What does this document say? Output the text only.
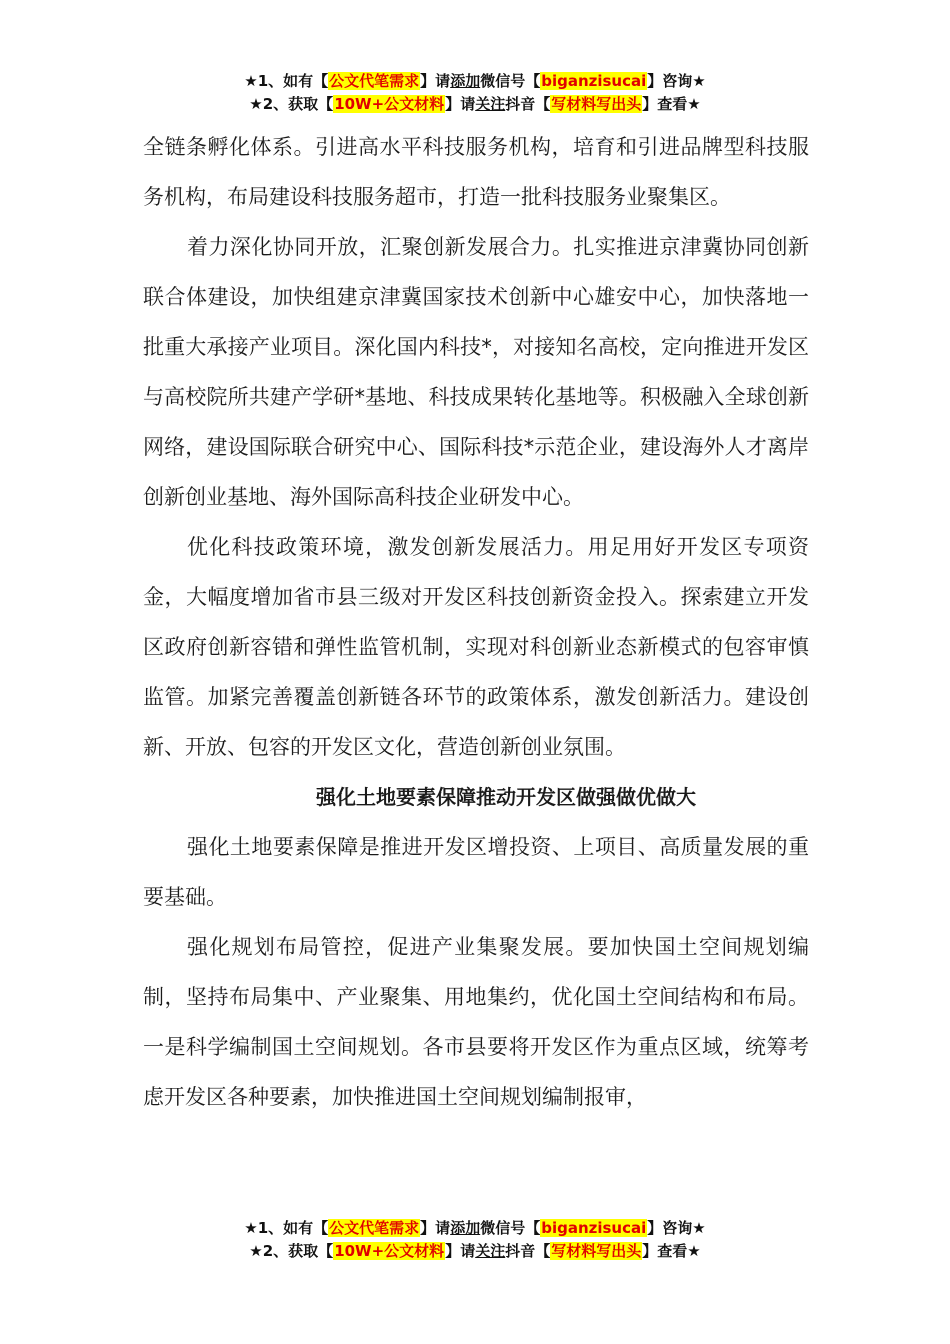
★1、如有【公文代笔需求】请添加微信号【biganzisucai】咨询★
★2、获取【10W+公文材料】请关注抖音【写材料写出头】查看★

全链条孵化体系。引进高水平科技服务机构，培育和引进品牌型科技服务机构，布局建设科技服务超市，打造一批科技服务业聚集区。

着力深化协同开放，汇聚创新发展合力。扎实推进京津冀协同创新联合体建设，加快组建京津冀国家技术创新中心雄安中心，加快落地一批重大承接产业项目。深化国内科技*，对接知名高校，定向推进开发区与高校院所共建产学研*基地、科技成果转化基地等。积极融入全球创新网络，建设国际联合研究中心、国际科技*示范企业，建设海外人才离岸创新创业基地、海外国际高科技企业研发中心。

优化科技政策环境，激发创新发展活力。用足用好开发区专项资金，大幅度增加省市县三级对开发区科技创新资金投入。探索建立开发区政府创新容错和弹性监管机制，实现对科创新业态新模式的包容审慎监管。加紧完善覆盖创新链各环节的政策体系，激发创新活力。建设创新、开放、包容的开发区文化，营造创新创业氛围。

强化土地要素保障推动开发区做强做优做大

强化土地要素保障是推进开发区增投资、上项目、高质量发展的重要基础。

强化规划布局管控，促进产业集聚发展。要加快国土空间规划编制，坚持布局集中、产业聚集、用地集约，优化国土空间结构和布局。一是科学编制国土空间规划。各市县要将开发区作为重点区域，统筹考虑开发区各种要素，加快推进国土空间规划编制报审，

★1、如有【公文代笔需求】请添加微信号【biganzisucai】咨询★
★2、获取【10W+公文材料】请关注抖音【写材料写出头】查看★
